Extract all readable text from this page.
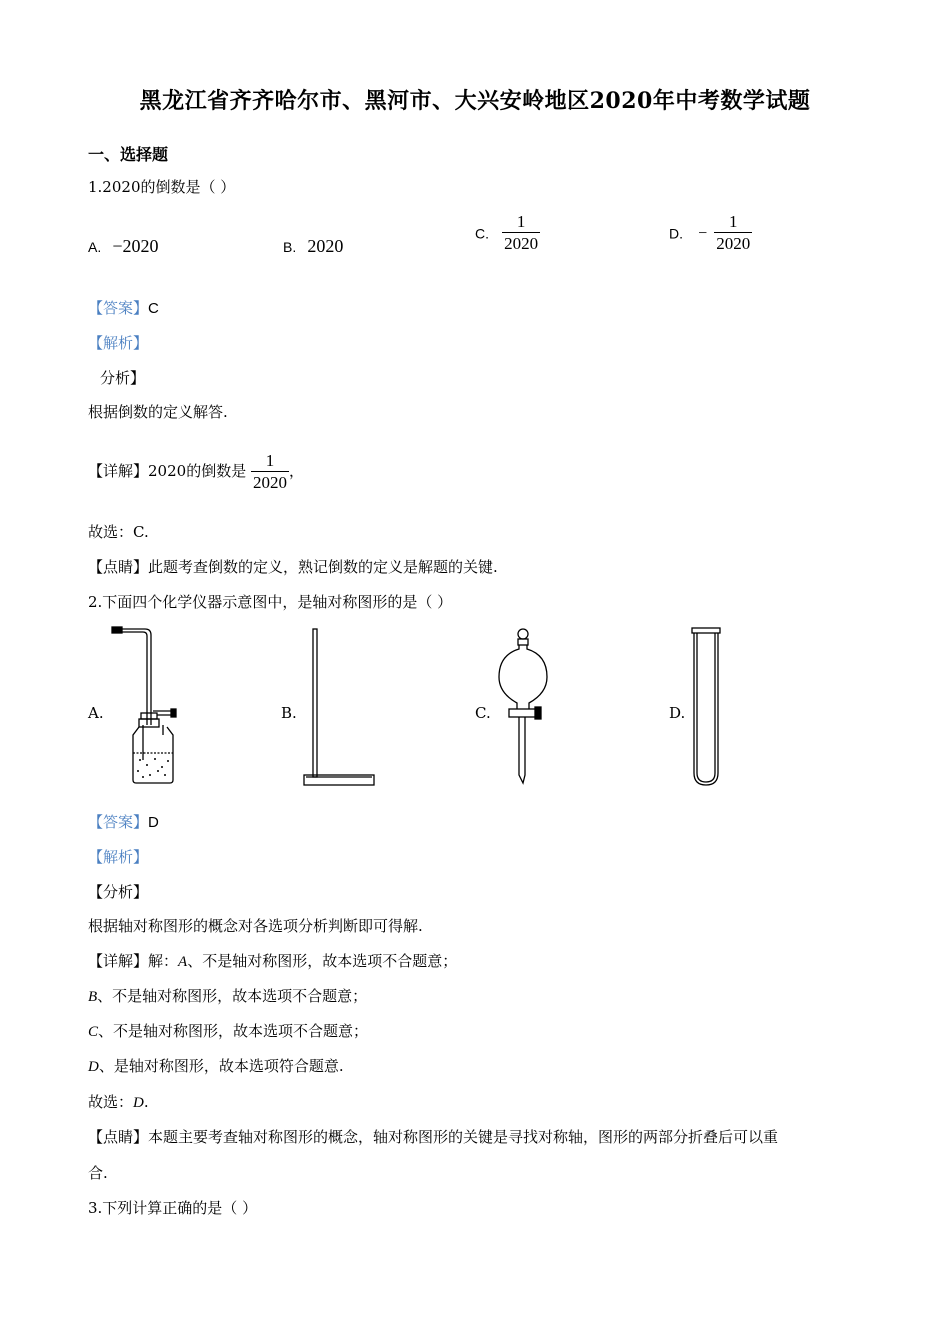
黑龙江省齐齐哈尔市、黑河市、大兴安岭地区2020年中考数学试题
一、选择题
1.2020的倒数是（ ）
A. −2020	B. 2020
C. $\frac{1}{2020}$	D. − $\frac{1}{2020}$
【答案】C
【解析】
分析】
根据倒数的定义解答.
【详解】2020的倒数是 $\frac{1}{2020}$ ，
故选：C.
【点睛】此题考查倒数的定义，熟记倒数的定义是解题的关键.
2.下面四个化学仪器示意图中，是轴对称图形的是（ ）
A.	B.	C.	D.
【答案】D
【解析】
【分析】
根据轴对称图形的概念对各选项分析判断即可得解.
【详解】解：A、不是轴对称图形，故本选项不合题意；
B、不是轴对称图形，故本选项不合题意；
C、不是轴对称图形，故本选项不合题意；
D、是轴对称图形，故本选项符合题意.
故选：D.
【点睛】本题主要考查轴对称图形的概念，轴对称图形的关键是寻找对称轴，图形的两部分折叠后可以重
合.
3.下列计算正确的是（ ）
